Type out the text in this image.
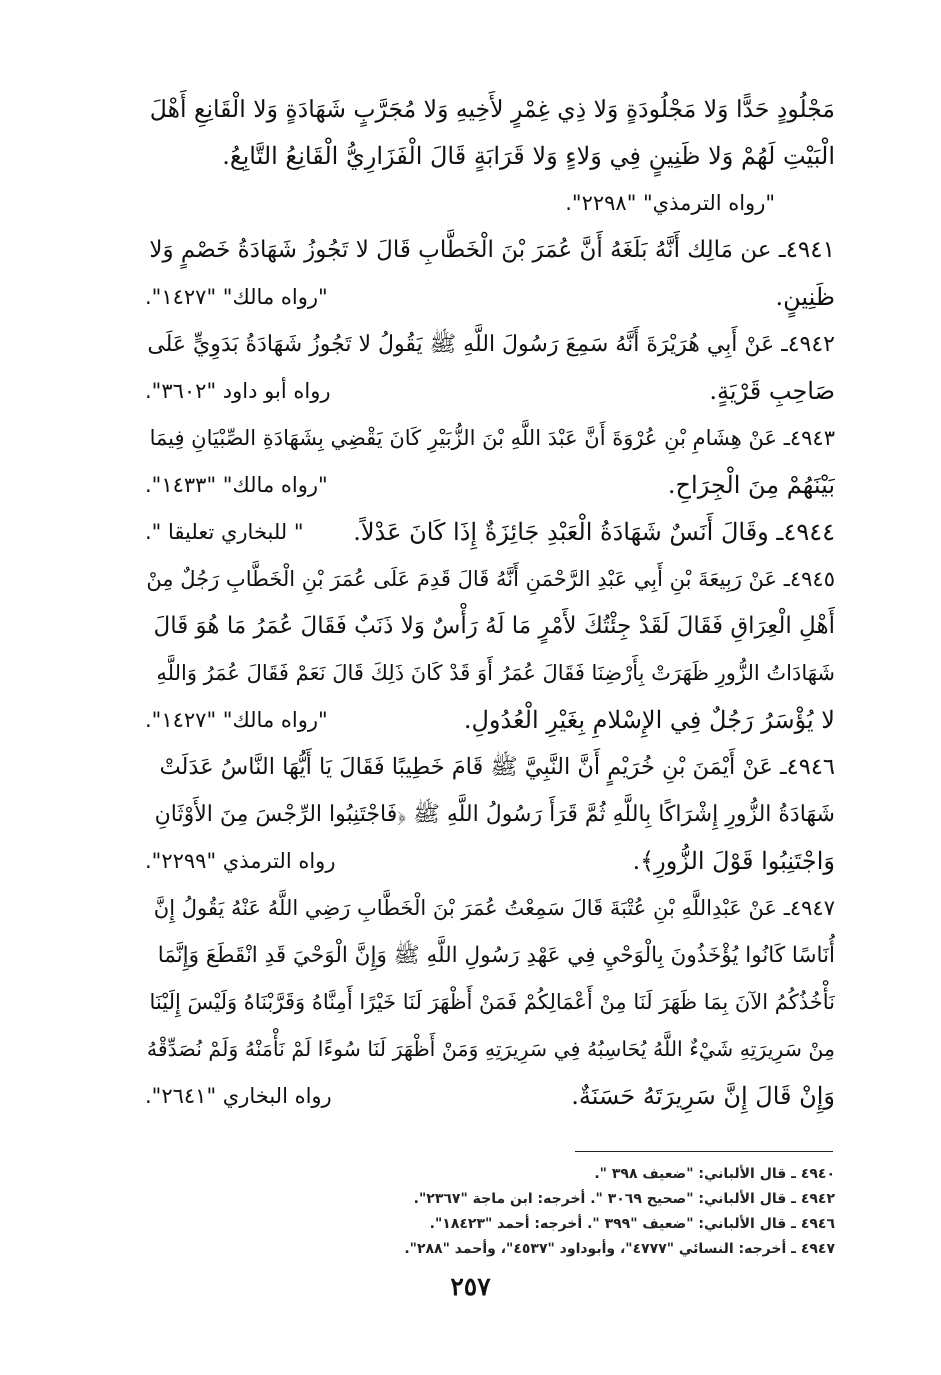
مَجْلُودٍ حَدًّا وَلا مَجْلُودَةٍ وَلا ذِي غِمْرٍ لأَخِيهِ وَلا مُجَرَّبٍ شَهَادَةٍ وَلا الْقَانِعِ أَهْلَ
الْبَيْتِ لَهُمْ وَلا ظَنِينٍ فِي وَلاءٍ وَلا قَرَابَةٍ قَالَ الْفَزَارِيُّ الْقَانِعُ التَّابِعُ.
"رواه الترمذي" "٢٢٩٨".
٤٩٤١ـ عن مَالِك أَنَّهُ بَلَغَهُ أَنَّ عُمَرَ بْنَ الْخَطَّابِ قَالَ لا تَجُوزُ شَهَادَةُ خَصْمٍ وَلا
ظَنِينٍ.
"رواه مالك" "١٤٢٧".
٤٩٤٢ـ عَنْ أَبِي هُرَيْرَةَ أَنَّهُ سَمِعَ رَسُولَ اللَّهِ ﷺ يَقُولُ لا تَجُوزُ شَهَادَةُ بَدَوِيٍّ عَلَى
صَاحِبِ قَرْيَةٍ.
رواه أبو داود "٣٦٠٢".
٤٩٤٣ـ عَنْ هِشَامِ بْنِ عُرْوَةَ أَنَّ عَبْدَ اللَّهِ بْنَ الزُّبَيْرِ كَانَ يَقْضِي بِشَهَادَةِ الصِّبْيَانِ فِيمَا
بَيْنَهُمْ مِنَ الْجِرَاحِ.
"رواه مالك" "١٤٣٣".
٤٩٤٤ـ وقَالَ أَنَسٌ شَهَادَةُ الْعَبْدِ جَائِزَةٌ إِذَا كَانَ عَدْلاً.
" للبخاري تعليقا ".
٤٩٤٥ـ عَنْ رَبِيعَةَ بْنِ أَبِي عَبْدِ الرَّحْمَنِ أَنَّهُ قَالَ قَدِمَ عَلَى عُمَرَ بْنِ الْخَطَّابِ رَجُلٌ مِنْ
أَهْلِ الْعِرَاقِ فَقَالَ لَقَدْ جِئْتُكَ لأَمْرٍ مَا لَهُ رَأْسٌ وَلا ذَنَبٌ فَقَالَ عُمَرُ مَا هُوَ قَالَ
شَهَادَاتُ الزُّورِ ظَهَرَتْ بِأَرْضِنَا فَقَالَ عُمَرُ أَوَ قَدْ كَانَ ذَلِكَ قَالَ نَعَمْ فَقَالَ عُمَرُ وَاللَّهِ
لا يُؤْسَرُ رَجُلٌ فِي الإِسْلامِ بِغَيْرِ الْعُدُولِ.
"رواه مالك" "١٤٢٧".
٤٩٤٦ـ عَنْ أَيْمَنَ بْنِ خُرَيْمٍ أَنَّ النَّبِيَّ ﷺ قَامَ خَطِيبًا فَقَالَ يَا أَيُّهَا النَّاسُ عَدَلَتْ
شَهَادَةُ الزُّورِ إِشْرَاكًا بِاللَّهِ ثُمَّ قَرَأَ رَسُولُ اللَّهِ ﷺ ﴿فَاجْتَنِبُوا الرِّجْسَ مِنَ الأَوْثَانِ
وَاجْتَنِبُوا قَوْلَ الزُّورِ﴾.
رواه الترمذي "٢٢٩٩".
٤٩٤٧ـ عَنْ عَبْدِاللَّهِ بْنِ عُتْبَةَ قَالَ سَمِعْتُ عُمَرَ بْنَ الْخَطَّابِ رَضِي اللَّهُ عَنْهُ يَقُولُ إِنَّ
أُنَاسًا كَانُوا يُؤْخَذُونَ بِالْوَحْيِ فِي عَهْدِ رَسُولِ اللَّهِ ﷺ وَإِنَّ الْوَحْيَ قَدِ انْقَطَعَ وَإِنَّمَا
نَأْخُذُكُمُ الآنَ بِمَا ظَهَرَ لَنَا مِنْ أَعْمَالِكُمْ فَمَنْ أَظْهَرَ لَنَا خَيْرًا أَمِنَّاهُ وَقَرَّبْنَاهُ وَلَيْسَ إِلَيْنَا
مِنْ سَرِيرَتِهِ شَيْءٌ اللَّهُ يُحَاسِبُهُ فِي سَرِيرَتِهِ وَمَنْ أَظْهَرَ لَنَا سُوءًا لَمْ نَأْمَنْهُ وَلَمْ نُصَدِّقْهُ
وَإِنْ قَالَ إِنَّ سَرِيرَتَهُ حَسَنَةٌ.
رواه البخاري "٢٦٤١".
٤٩٤٠ ـ قال الألباني: "ضعيف ٣٩٨ ".
٤٩٤٢ ـ قال الألباني: "صحيح ٣٠٦٩ ". أخرجه: ابن ماجة "٢٣٦٧".
٤٩٤٦ ـ قال الألباني: "ضعيف "٣٩٩ ". أخرجه: أحمد "١٨٤٢٣".
٤٩٤٧ ـ أخرجه: النسائي "٤٧٧٧"، وأبوداود "٤٥٣٧"، وأحمد "٢٨٨".
٢٥٧
